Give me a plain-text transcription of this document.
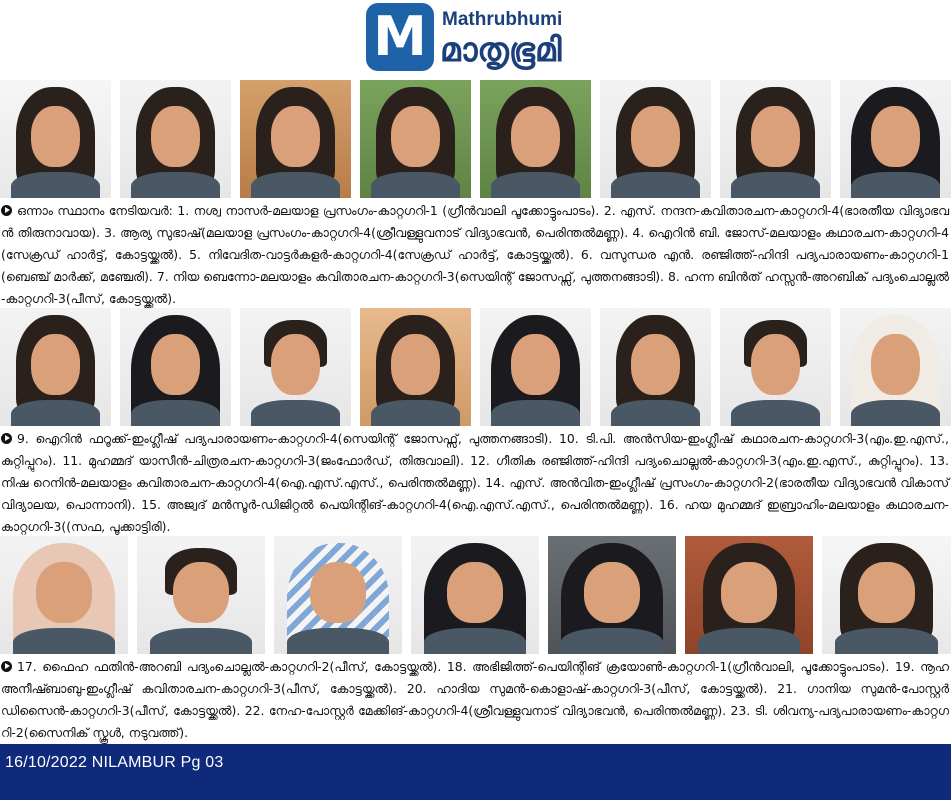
M Mathrubhumi
മാതൃഭൂമി
ഒന്നാം സ്ഥാനം നേടിയവർ: 1. നശ്വ നാസർ-മലയാള പ്രസംഗം-കാറ്റഗറി-1 (ഗ്രീൻവാലി പൂക്കോട്ടുംപാടം). 2. എസ്. നന്ദന-കവിതാരചന-കാറ്റഗറി-4(ഭാരതീയ വിദ്യാഭവൻ തിരുനാവായ). 3. ആര്യ സുഭാഷ്(മലയാള പ്രസംഗം-കാറ്റഗറി-4(ശ്രീവള്ളുവനാട് വിദ്യാഭവൻ, പെരിന്തൽമണ്ണ). 4. ഐറിൻ ബി. ജോസ്-മലയാളം കഥാരചന-കാറ്റഗറി-4(സേക്രഡ് ഹാർട്ട്, കോട്ടയ്ക്കൽ). 5. നിവേദിത-വാട്ടർകളർ-കാറ്റഗറി-4(സേക്രഡ് ഹാർട്ട്, കോട്ടയ്ക്കൽ). 6. വസുന്ധര എൻ. രഞ്ജിത്ത്-ഹിന്ദി പദ്യപാരായണം-കാറ്റഗറി-1(ബെഞ്ച് മാർക്ക്, മഞ്ചേരി). 7. നിയ ബെന്നോ-മലയാളം കവിതാരചന-കാറ്റഗറി-3(സെയിന്റ് ജോസഫ്സ്, പുത്തനങ്ങാടി). 8. ഹന്ന ബിൻത് ഹസ്സൻ-അറബിക് പദ്യംചൊല്ലൽ-കാറ്റഗറി-3(പീസ്, കോട്ടയ്ക്കൽ).
9. ഐറിൻ ഫറൂക്ക്-ഇംഗ്ലീഷ് പദ്യപാരായണം-കാറ്റഗറി-4(സെയിന്റ് ജോസഫ്സ്, പുത്തനങ്ങാടി). 10. ടി.പി. അൻസിയ-ഇംഗ്ലീഷ് കഥാരചന-കാറ്റഗറി-3(എം.ഇ.എസ്., കുറ്റിപ്പുറം). 11. മുഹമ്മദ് യാസീൻ-ചിത്രരചന-കാറ്റഗറി-3(ജംഫോർഡ്, തിരുവാലി). 12. ഗീതിക രഞ്ജിത്ത്-ഹിന്ദി പദ്യംചൊല്ലൽ-കാറ്റഗറി-3(എം.ഇ.എസ്., കുറ്റിപ്പുറം). 13. നിഷ റെനിൻ-മലയാളം കവിതാരചന-കാറ്റഗറി-4(ഐ.എസ്.എസ്., പെരിന്തൽമണ്ണ). 14. എസ്. അൻവിത-ഇംഗ്ലീഷ് പ്രസംഗം-കാറ്റഗറി-2(ഭാരതീയ വിദ്യാഭവൻ വികാസ് വിദ്യാലയ, പൊന്നാനി). 15. അജ്വദ് മൻസൂർ-ഡിജിറ്റൽ പെയിന്റിങ്-കാറ്റഗറി-4(ഐ.എസ്.എസ്., പെരിന്തൽമണ്ണ). 16. ഹയ മുഹമ്മദ് ഇബ്രാഹിം-മലയാളം കഥാരചന-കാറ്റഗറി-3((സഫ, പൂക്കാട്ടിരി).
17. ഫൈഹ ഫതിൻ-അറബി പദ്യംചൊല്ലൽ-കാറ്റഗറി-2(പീസ്, കോട്ടയ്ക്കൽ). 18. അഭിജിത്ത്-പെയിന്റിങ് ക്രയോൺ-കാറ്റഗറി-1(ഗ്രീൻവാലി, പൂക്കോട്ടുംപാടം). 19. നൂഹ അനീഷ്ബാബു-ഇംഗ്ലീഷ് കവിതാരചന-കാറ്റഗറി-3(പീസ്, കോട്ടയ്ക്കൽ). 20. ഹാദിയ സുമൻ-കൊളാഷ്-കാറ്റഗറി-3(പീസ്, കോട്ടയ്ക്കൽ). 21. ഗാനിയ സുമൻ-പോസ്റ്റർ ഡിസൈൻ-കാറ്റഗറി-3(പീസ്, കോട്ടയ്ക്കൽ). 22. നേഹ-പോസ്റ്റർ മേക്കിങ്-കാറ്റഗറി-4(ശ്രീവള്ളുവനാട് വിദ്യാഭവൻ, പെരിന്തൽമണ്ണ). 23. ടി. ശിവന്യ-പദ്യപാരായണം-കാറ്റഗറി-2(സൈനിക് സ്കൂൾ, നടുവത്ത്).
16/10/2022 NILAMBUR Pg 03
